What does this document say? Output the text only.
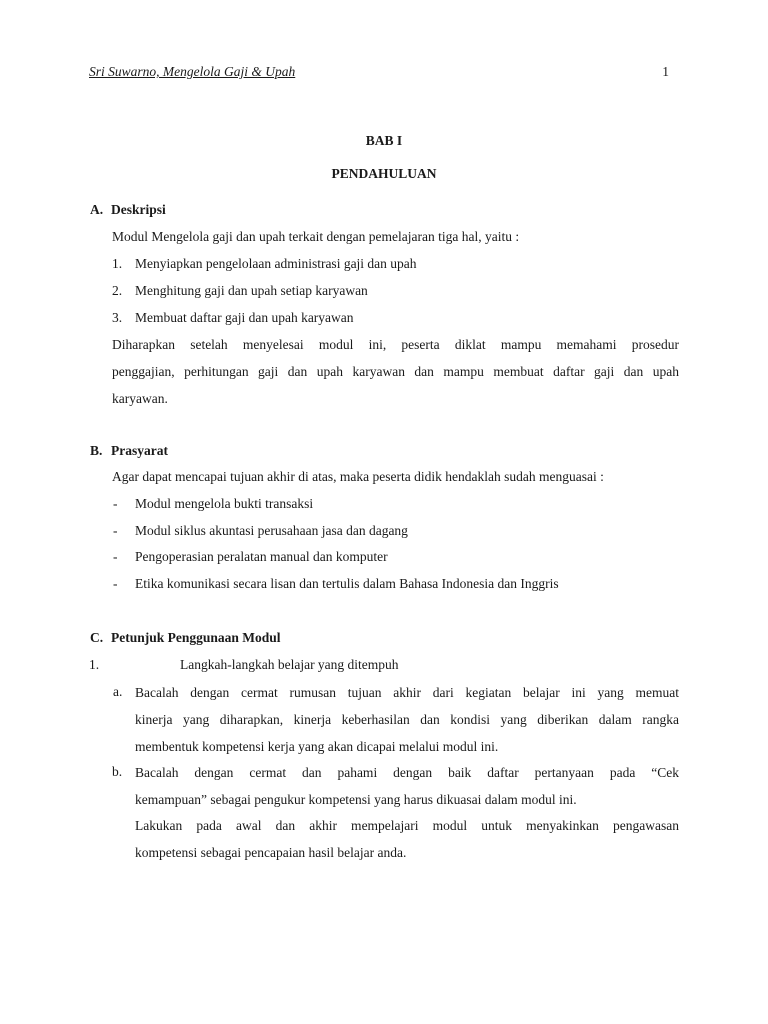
Sri Suwarno, Mengelola Gaji & Upah	1
BAB I
PENDAHULUAN
A. Deskripsi
Modul Mengelola gaji dan upah terkait dengan pemelajaran tiga hal, yaitu :
1. Menyiapkan pengelolaan administrasi gaji dan upah
2. Menghitung gaji dan upah setiap karyawan
3. Membuat daftar gaji dan upah karyawan
Diharapkan setelah menyelesai modul ini, peserta diklat mampu memahami prosedur
penggajian, perhitungan gaji dan upah karyawan dan mampu membuat daftar gaji dan upah
karyawan.
B. Prasyarat
Agar dapat mencapai tujuan akhir di atas, maka peserta didik hendaklah sudah menguasai :
- Modul mengelola bukti transaksi
- Modul siklus akuntasi perusahaan jasa dan dagang
- Pengoperasian peralatan manual dan komputer
- Etika komunikasi secara lisan dan tertulis dalam Bahasa Indonesia dan Inggris
C. Petunjuk Penggunaan Modul
1.	Langkah-langkah belajar yang ditempuh
a. Bacalah dengan cermat rumusan tujuan akhir dari kegiatan belajar ini yang memuat
kinerja yang diharapkan, kinerja keberhasilan dan kondisi yang diberikan dalam rangka
membentuk kompetensi kerja yang akan dicapai melalui modul ini.
b. Bacalah dengan cermat dan pahami dengan baik daftar pertanyaan pada “Cek
kemampuan” sebagai pengukur kompetensi yang harus dikuasai dalam modul ini.
Lakukan pada awal dan akhir mempelajari modul untuk menyakinkan pengawasan
kompetensi sebagai pencapaian hasil belajar anda.
